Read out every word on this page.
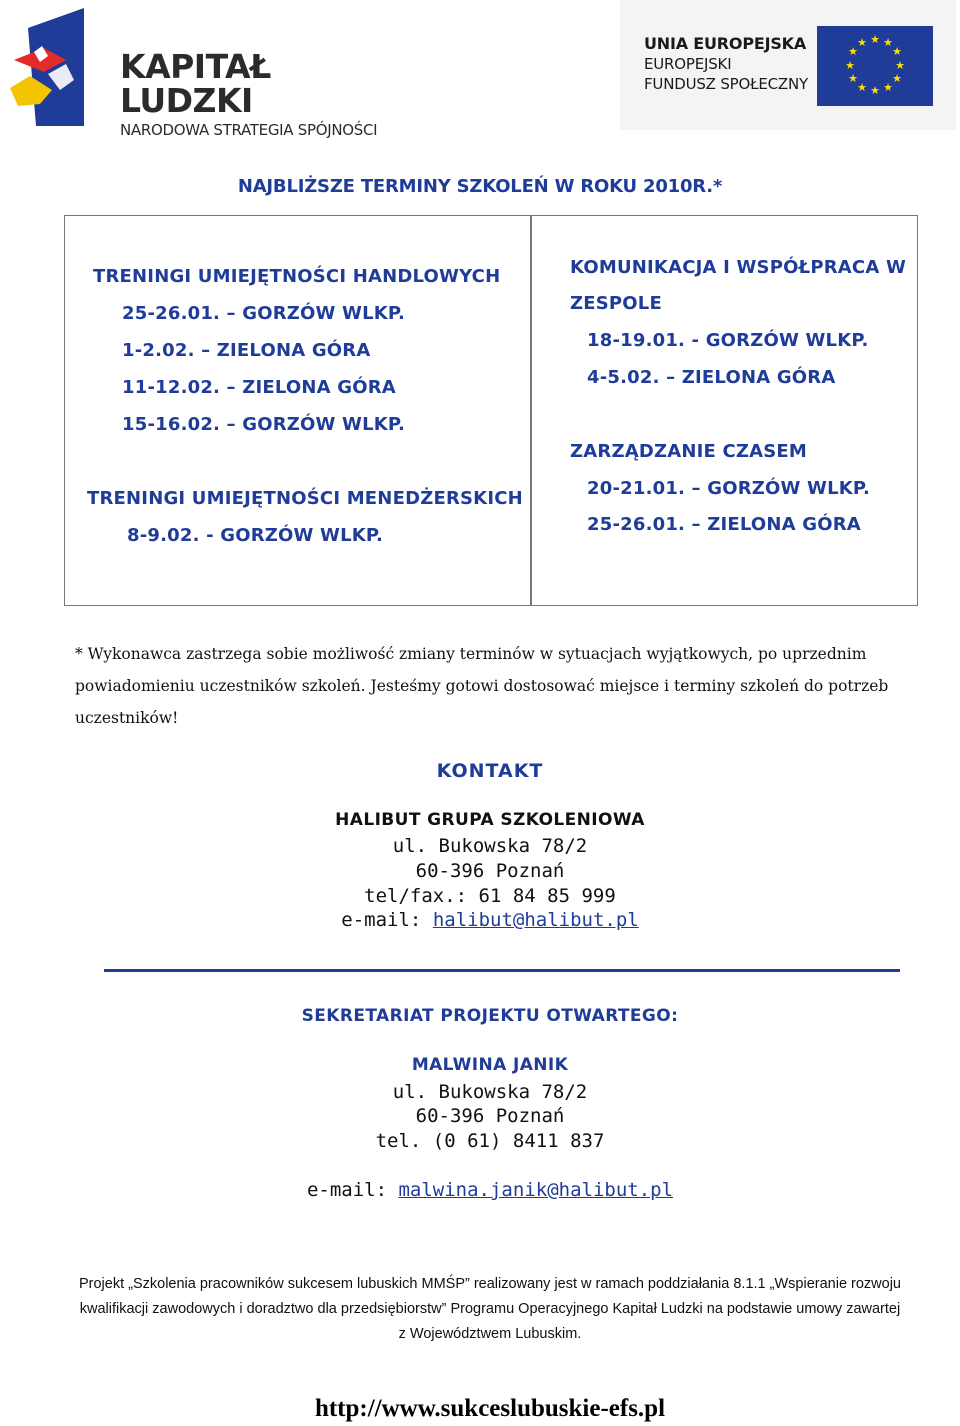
KAPITAŁ LUDZKI
NARODOWA STRATEGIA SPÓJNOŚCI
UNIA EUROPEJSKA
EUROPEJSKI
FUNDUSZ SPOŁECZNY
★ ★
★
★
★
★
★
★
★
★
★
★
NAJBLIŻSZE TERMINY SZKOLEŃ W ROKU 2010R.*
TRENINGI UMIEJĘTNOŚCI HANDLOWYCH
25-26.01. – GORZÓW WLKP.
1-2.02. – ZIELONA GÓRA
11-12.02. – ZIELONA GÓRA
15-16.02. – GORZÓW WLKP.
TRENINGI UMIEJĘTNOŚCI MENEDŻERSKICH
8-9.02. - GORZÓW WLKP.
KOMUNIKACJA I WSPÓŁPRACA W
ZESPOLE
18-19.01. - GORZÓW WLKP.
4-5.02. – ZIELONA GÓRA
ZARZĄDZANIE CZASEM
20-21.01. – GORZÓW WLKP.
25-26.01. – ZIELONA GÓRA
* Wykonawca zastrzega sobie możliwość zmiany terminów w sytuacjach wyjątkowych, po uprzednim powiadomieniu uczestników szkoleń. Jesteśmy gotowi dostosować miejsce i terminy szkoleń do potrzeb uczestników!
KONTAKT
HALIBUT GRUPA SZKOLENIOWA
ul. Bukowska 78/2
60-396 Poznań
tel/fax.: 61 84 85 999
e-mail: halibut@halibut.pl
SEKRETARIAT PROJEKTU OTWARTEGO:
MALWINA JANIK
ul. Bukowska 78/2
60-396 Poznań
tel. (0 61) 8411 837
e-mail: malwina.janik@halibut.pl
Projekt „Szkolenia pracowników sukcesem lubuskich MMŚP” realizowany jest w ramach poddziałania 8.1.1 „Wspieranie rozwoju
kwalifikacji zawodowych i doradztwo dla przedsiębiorstw” Programu Operacyjnego Kapitał Ludzki na podstawie umowy zawartej
z Województwem Lubuskim.
http://www.sukceslubuskie-efs.pl
